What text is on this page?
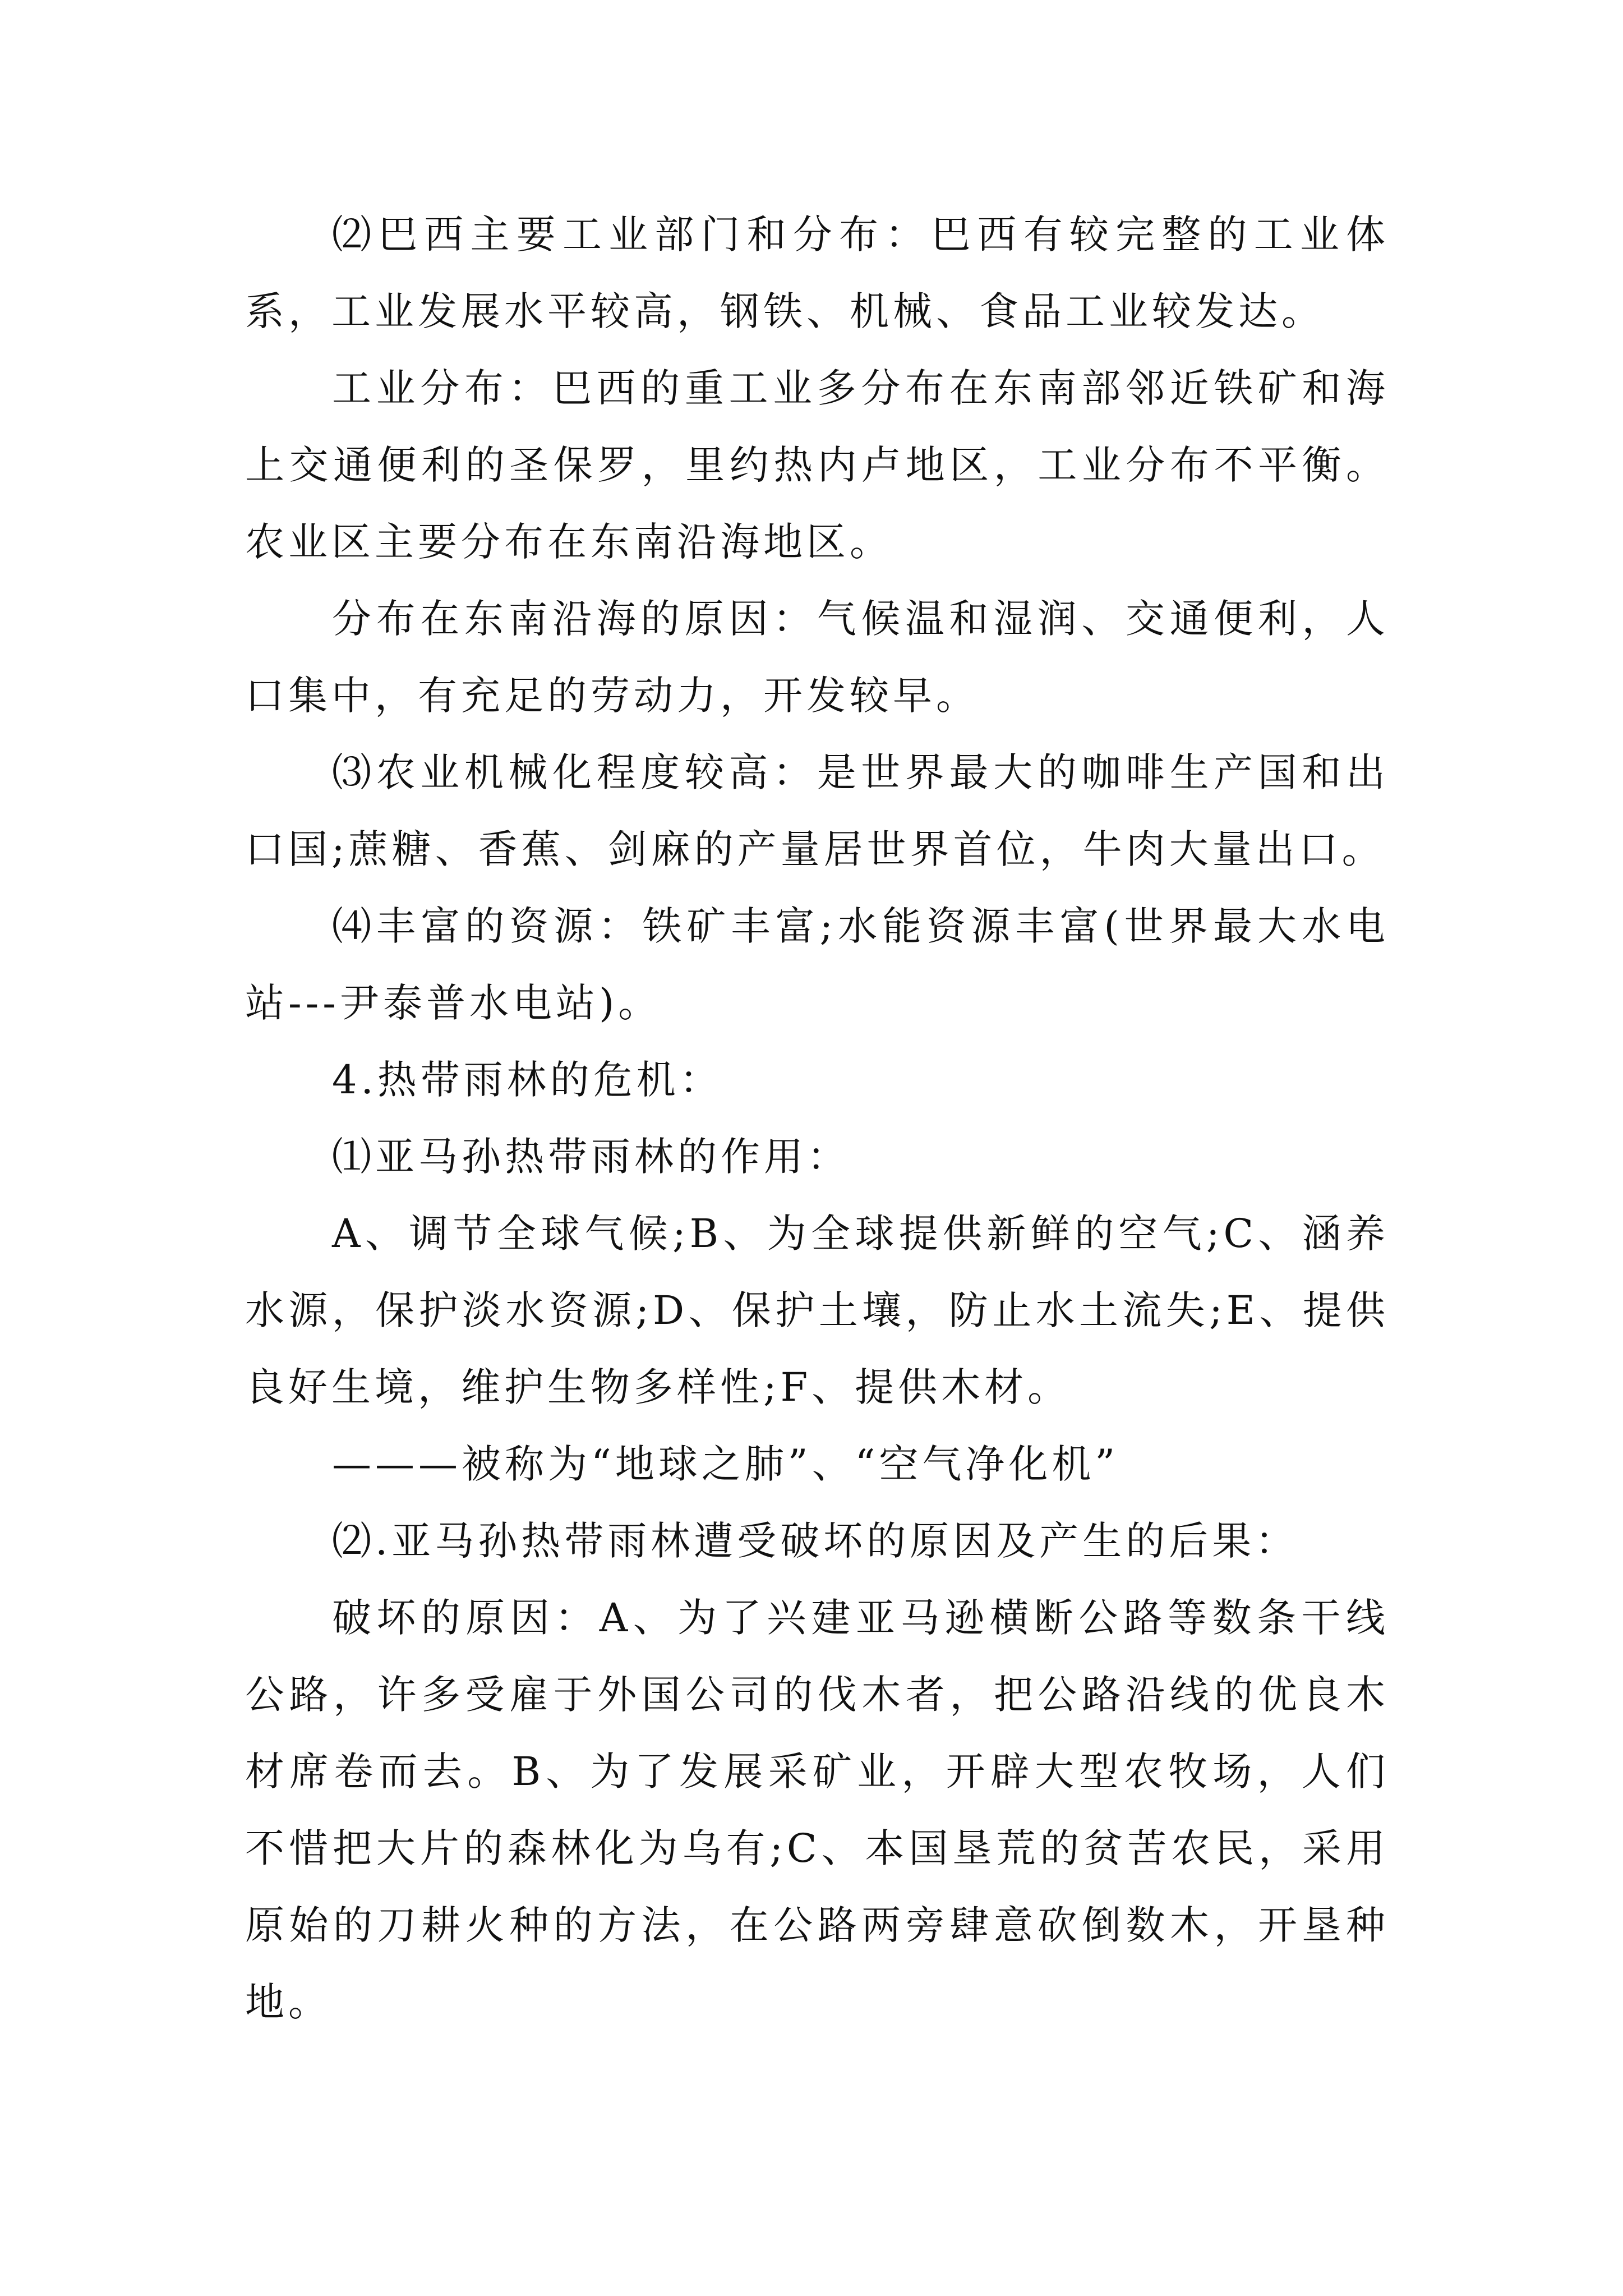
⑵巴西主要工业部门和分布：巴西有较完整的工业体系，工业发展水平较高，钢铁、机械、食品工业较发达。

工业分布：巴西的重工业多分布在东南部邻近铁矿和海上交通便利的圣保罗，里约热内卢地区，工业分布不平衡。农业区主要分布在东南沿海地区。

分布在东南沿海的原因：气候温和湿润、交通便利，人口集中，有充足的劳动力，开发较早。

⑶农业机械化程度较高：是世界最大的咖啡生产国和出口国;蔗糖、香蕉、剑麻的产量居世界首位，牛肉大量出口。

⑷丰富的资源：铁矿丰富;水能资源丰富(世界最大水电站---尹泰普水电站)。

4.热带雨林的危机：

⑴亚马孙热带雨林的作用：

A、调节全球气候;B、为全球提供新鲜的空气;C、涵养水源，保护淡水资源;D、保护土壤，防止水土流失;E、提供良好生境，维护生物多样性;F、提供木材。

———被称为“地球之肺”、“空气净化机”

⑵.亚马孙热带雨林遭受破坏的原因及产生的后果：

破坏的原因：A、为了兴建亚马逊横断公路等数条干线公路，许多受雇于外国公司的伐木者，把公路沿线的优良木材席卷而去。B、为了发展采矿业，开辟大型农牧场，人们不惜把大片的森林化为乌有;C、本国垦荒的贫苦农民，采用原始的刀耕火种的方法，在公路两旁肆意砍倒数木，开垦种地。
